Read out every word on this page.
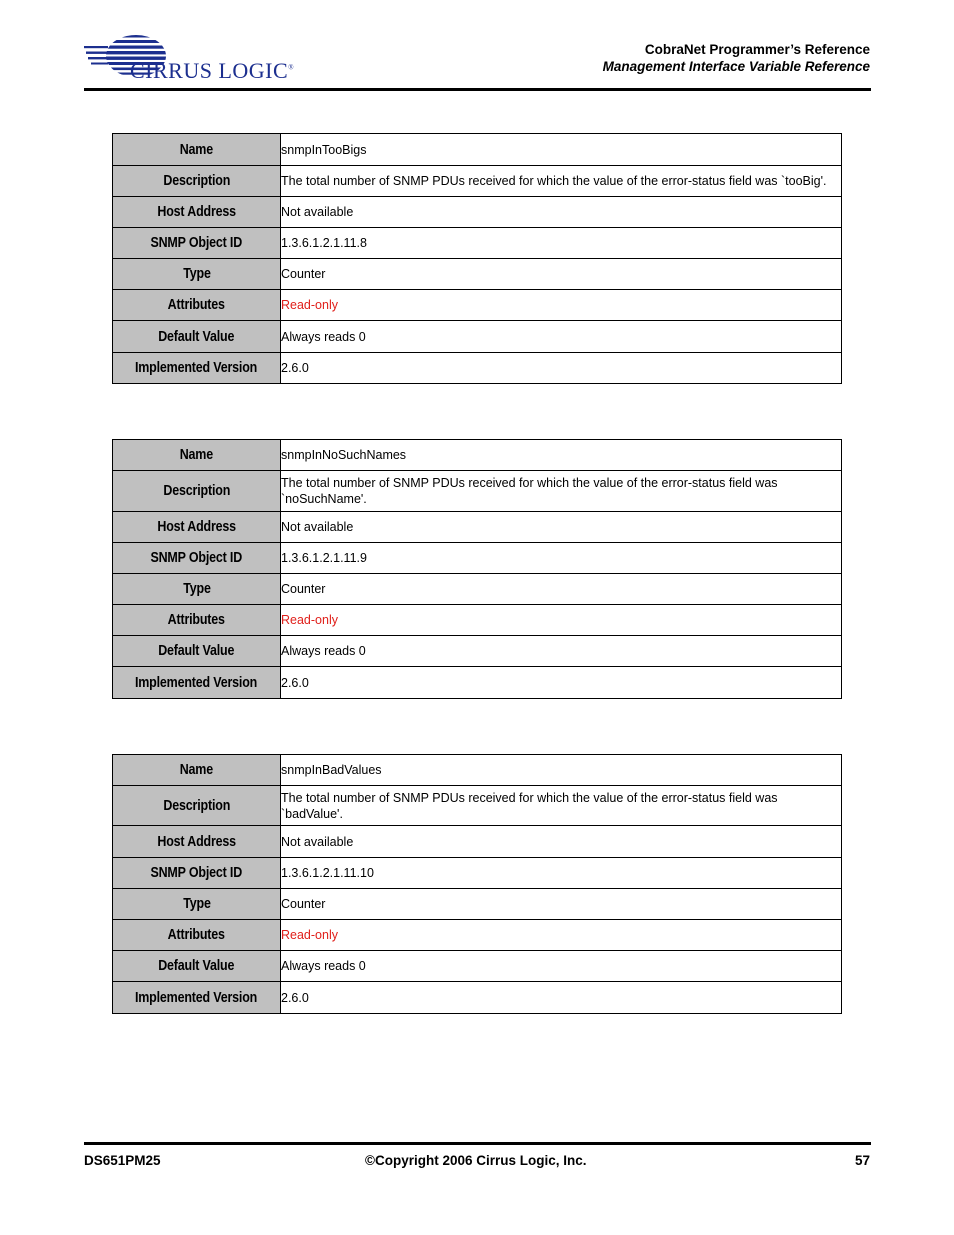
CIRRUS LOGIC®
CobraNet Programmer’s Reference
Management Interface Variable Reference
Name	snmpInTooBigs
Description	The total number of SNMP PDUs received for which the value of the error-status field was `tooBig'.
Host Address	Not available
SNMP Object ID	1.3.6.1.2.1.11.8
Type	Counter
Attributes	Read-only
Default Value	Always reads 0
Implemented Version	2.6.0
Name	snmpInNoSuchNames
Description	The total number of SNMP PDUs received for which the value of the error-status field was `noSuchName'.
Host Address	Not available
SNMP Object ID	1.3.6.1.2.1.11.9
Type	Counter
Attributes	Read-only
Default Value	Always reads 0
Implemented Version	2.6.0
Name	snmpInBadValues
Description	The total number of SNMP PDUs received for which the value of the error-status field was `badValue'.
Host Address	Not available
SNMP Object ID	1.3.6.1.2.1.11.10
Type	Counter
Attributes	Read-only
Default Value	Always reads 0
Implemented Version	2.6.0
DS651PM25	©Copyright 2006 Cirrus Logic, Inc.	57
